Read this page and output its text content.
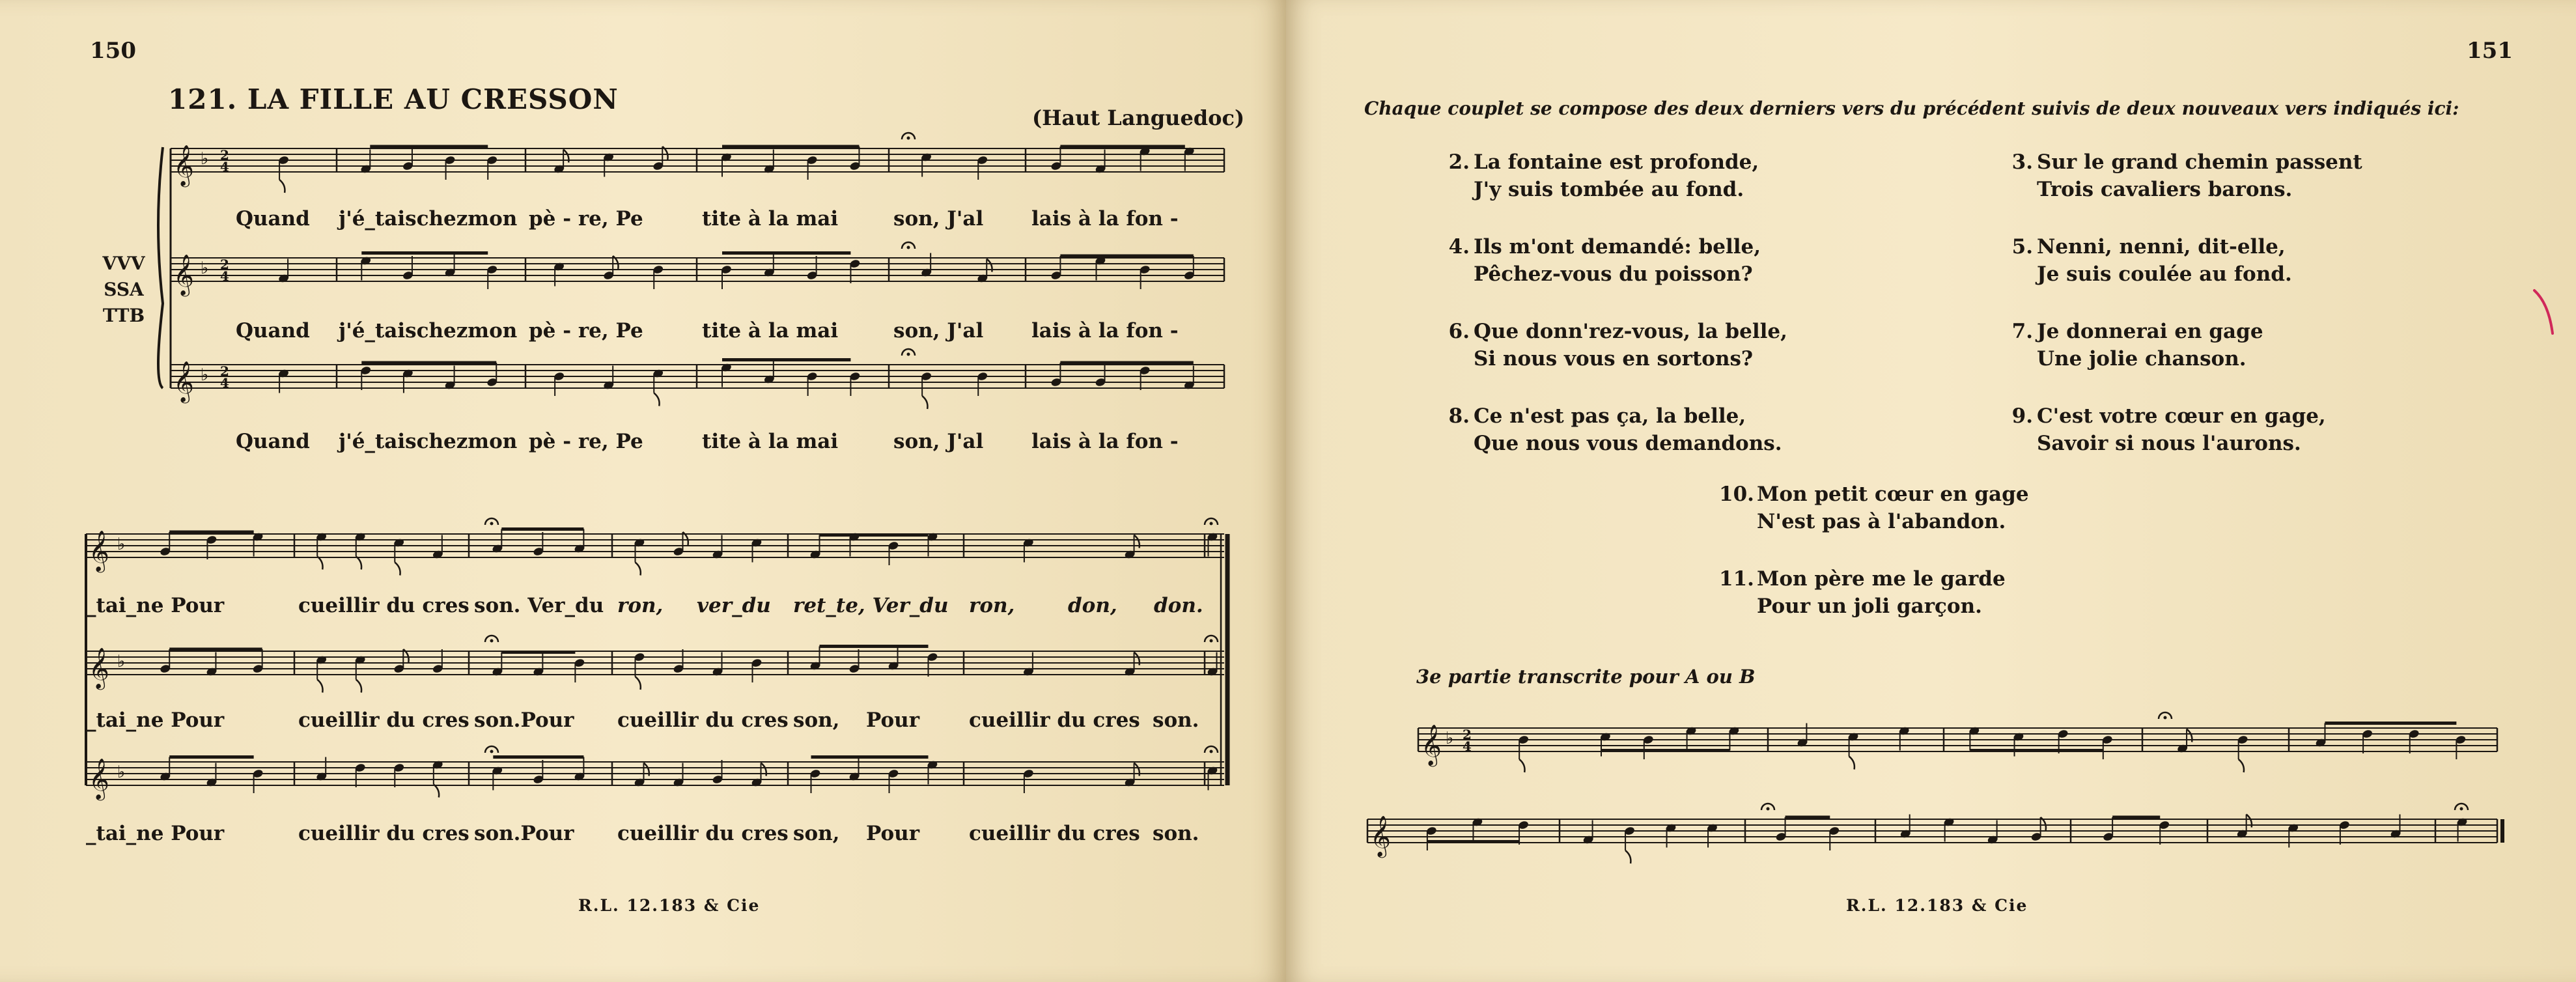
150	151
121. LA FILLE AU CRESSON
(Haut Languedoc)
VVV
SSA
TTB
𝄞 ♭ 2
4
𝄞 ♭ 2
4
𝄞 ♭ 2
4
𝄞 ♭
𝄞 ♭
𝄞 ♭
𝄞 ♭ 2
4
𝄞
R.L. 12.183 & Cie	R.L. 12.183 & Cie
Chaque couplet se compose des deux derniers vers du précédent suivis de deux nouveaux vers indiqués ici:
2. La fontaine est profonde,
J'y suis tombée au fond.
4. Ils m'ont demandé: belle,
Pêchez-vous du poisson?
6. Que donn'rez-vous, la belle,
Si nous vous en sortons?
8. Ce n'est pas ça, la belle,
Que nous vous demandons.
3. Sur le grand chemin passent
Trois cavaliers barons.
5. Nenni, nenni, dit-elle,
Je suis coulée au fond.
7. Je donnerai en gage
Une jolie chanson.
9. C'est votre cœur en gage,
Savoir si nous l'aurons.
10. Mon petit cœur en gage
N'est pas à l'abandon.
11. Mon père me le garde
Pour un joli garçon.
3e partie transcrite pour A ou B
Quand j'é_taischezmon pè - re, Pe	tite à la mai	son, J'al lais à la fon -
Quand j'é_taischezmon pè - re, Pe	tite à la mai	son, J'al lais à la fon -
Quand j'é_taischezmon pè - re, Pe	tite à la mai	son, J'al lais à la fon -
_tai_ne Pour	cueillir du cres son. Ver_du ron, ver_du ret_te, Ver_du ron,	don, don.
_tai_ne Pour	cueillir du cres son.Pour cueillir du cres son, Pour cueillir du cres son.
_tai_ne Pour	cueillir du cres son.Pour cueillir du cres son, Pour cueillir du cres son.
